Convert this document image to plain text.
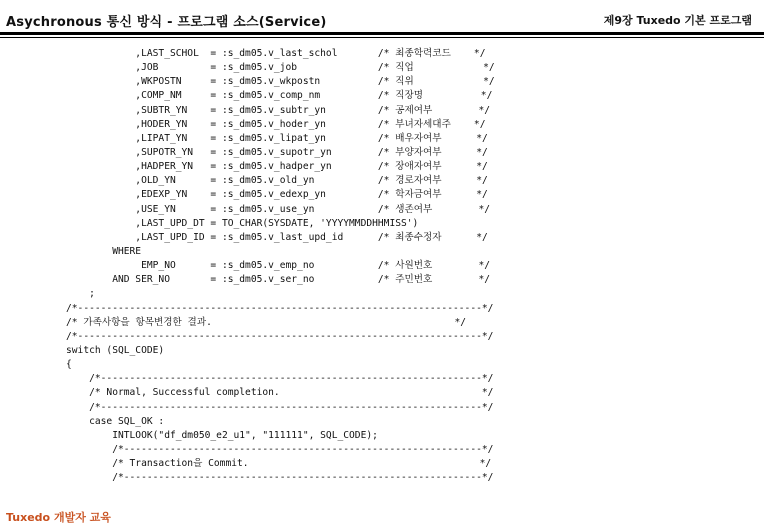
Asychronous 통신 방식 - 프로그램 소스(Service)	제9장 Tuxedo 기본 프로그램
,LAST_SCHOL  = :s_dm05.v_last_schol       /* 최종학력코드    */
,JOB         = :s_dm05.v_job              /* 직업            */
,WKPOSTN     = :s_dm05.v_wkpostn          /* 직위            */
,COMP_NM     = :s_dm05.v_comp_nm          /* 직장명          */
,SUBTR_YN    = :s_dm05.v_subtr_yn         /* 공제여부        */
,HODER_YN    = :s_dm05.v_hoder_yn         /* 부녀자세대주    */
,LIPAT_YN    = :s_dm05.v_lipat_yn         /* 배우자여부      */
,SUPOTR_YN   = :s_dm05.v_supotr_yn        /* 부양자여부      */
,HADPER_YN   = :s_dm05.v_hadper_yn        /* 장애자여부      */
,OLD_YN      = :s_dm05.v_old_yn           /* 경로자여부      */
,EDEXP_YN    = :s_dm05.v_edexp_yn         /* 학자금여부      */
,USE_YN      = :s_dm05.v_use_yn           /* 생존여부        */
,LAST_UPD_DT = TO_CHAR(SYSDATE, 'YYYYMMDDHHMISS')
,LAST_UPD_ID = :s_dm05.v_last_upd_id      /* 최종수정자      */
WHERE
EMP_NO      = :s_dm05.v_emp_no           /* 사원번호        */
AND SER_NO       = :s_dm05.v_ser_no           /* 주민번호        */
;
/*----------------------------------------------------------------------*/
/* 가족사항을 항목변경한 결과.                                          */
/*----------------------------------------------------------------------*/
switch (SQL_CODE)
{
/*------------------------------------------------------------------*/
/* Normal, Successful completion.                                   */
/*------------------------------------------------------------------*/
case SQL_OK :
INTLOOK("df_dm050_e2_u1", "111111", SQL_CODE);
/*--------------------------------------------------------------*/
/* Transaction을 Commit.                                        */
/*--------------------------------------------------------------*/
Tuxedo 개발자 교육
